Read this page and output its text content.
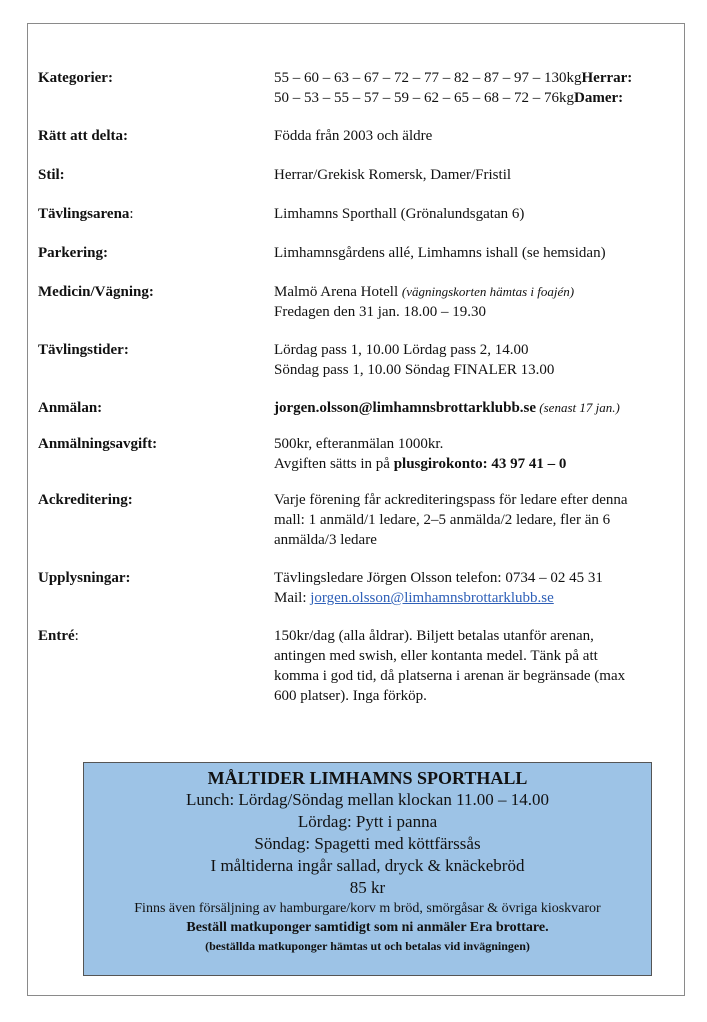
Kategorier:	55 – 60 – 63 – 67 – 72 – 77 – 82 – 87 – 97 – 130kgHerrar:
50 – 53 – 55 – 57 – 59 – 62 – 65 – 68 – 72 – 76kgDamer:
Rätt att delta:	Födda från 2003 och äldre
Stil:	Herrar/Grekisk Romersk, Damer/Fristil
Tävlingsarena:	Limhamns Sporthall (Grönalundsgatan 6)
Parkering:	Limhamnsgårdens allé, Limhamns ishall (se hemsidan)
Medicin/Vägning:	Malmö Arena Hotell (vägningskorten hämtas i foajén)
Fredagen den 31 jan. 18.00 – 19.30
Tävlingstider:	Lördag pass 1, 10.00 Lördag pass 2, 14.00
Söndag pass 1, 10.00 Söndag FINALER 13.00
Anmälan:	jorgen.olsson@limhamnsbrottarklubb.se (senast 17 jan.)
Anmälningsavgift:	500kr, efteranmälan 1000kr.
Avgiften sätts in på plusgirokonto: 43 97 41 – 0
Ackreditering:	Varje förening får ackrediteringspass för ledare efter denna
mall: 1 anmäld/1 ledare, 2–5 anmälda/2 ledare, fler än 6
anmälda/3 ledare
Upplysningar:	Tävlingsledare Jörgen Olsson telefon: 0734 – 02 45 31
Mail: jorgen.olsson@limhamnsbrottarklubb.se
Entré:	150kr/dag (alla åldrar). Biljett betalas utanför arenan,
antingen med swish, eller kontanta medel. Tänk på att
komma i god tid, då platserna i arenan är begränsade (max
600 platser). Inga förköp.
MÅLTIDER LIMHAMNS SPORTHALL
Lunch: Lördag/Söndag mellan klockan 11.00 – 14.00
Lördag: Pytt i panna
Söndag: Spagetti med köttfärssås
I måltiderna ingår sallad, dryck & knäckebröd
85 kr
Finns även försäljning av hamburgare/korv m bröd, smörgåsar & övriga kioskvaror
Beställ matkuponger samtidigt som ni anmäler Era brottare.
(beställda matkuponger hämtas ut och betalas vid invägningen)
